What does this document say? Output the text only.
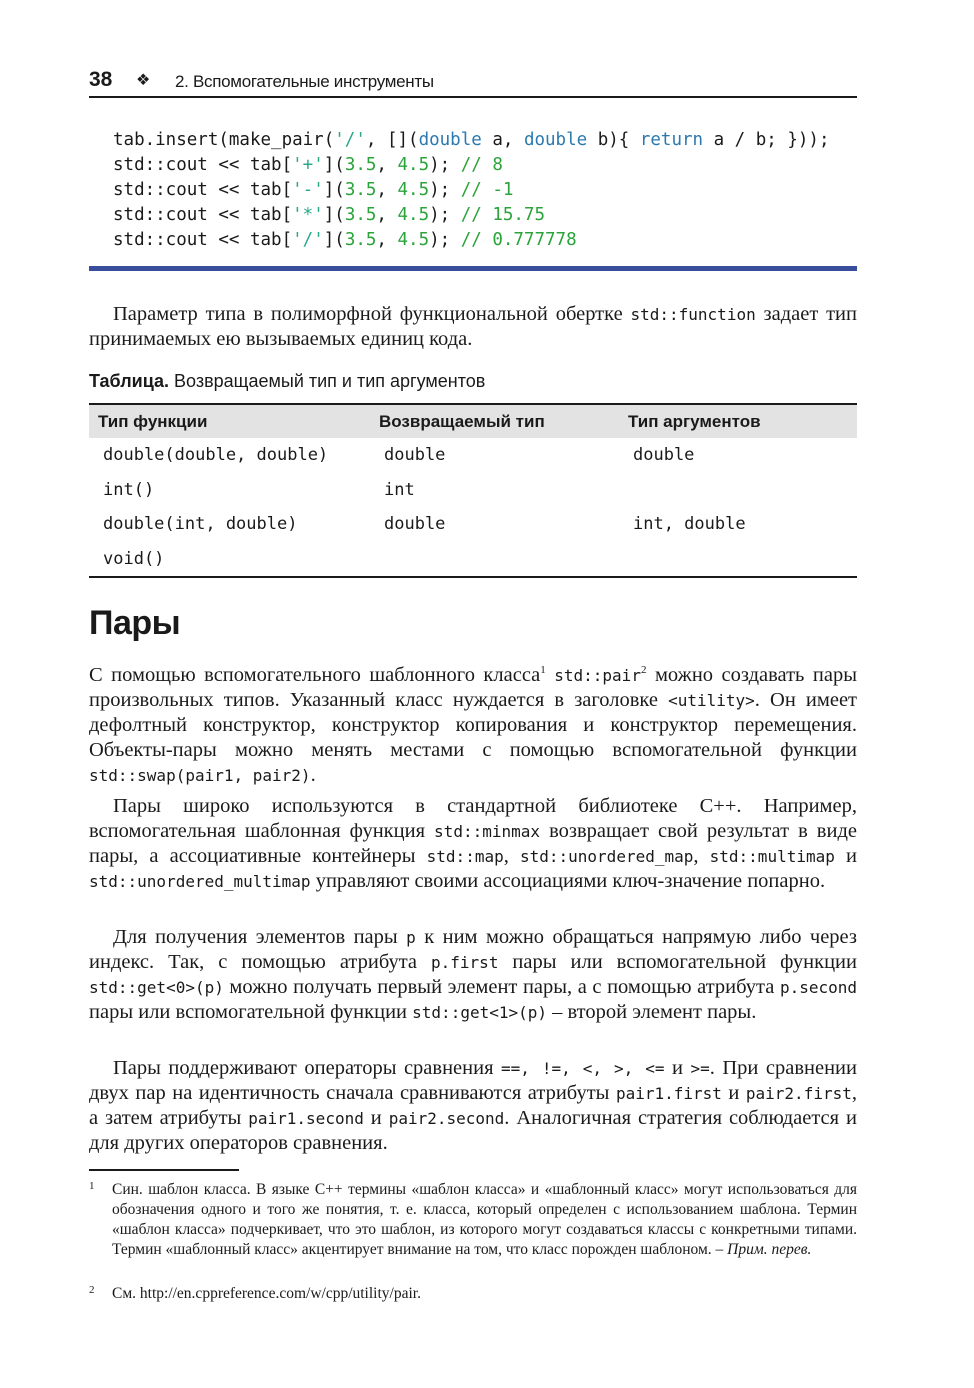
38 ❖ 2. Вспомогательные инструменты
tab.insert(make_pair('/', [](double a, double b){ return a / b; }));
std::cout << tab['+'](3.5, 4.5); // 8
std::cout << tab['-'](3.5, 4.5); // -1
std::cout << tab['*'](3.5, 4.5); // 15.75
std::cout << tab['/'](3.5, 4.5); // 0.777778

Параметр типа в полиморфной функциональной обертке std::function задает тип принимаемых ею вызываемых единиц кода.

Таблица. Возвращаемый тип и тип аргументов
Тип функции	Возвращаемый тип	Тип аргументов
double(double, double)	double	double
int()	int	
double(int, double)	double	int, double
void()		
Пары

С помощью вспомогательного шаблонного класса$^1$ std::pair$^2$ можно создавать пары произвольных типов. Указанный класс нуждается в заголовке <utility>. Он имеет дефолтный конструктор, конструктор копирования и конструктор перемещения. Объекты-пары можно менять местами с помощью вспомогательной функции std::swap(pair1, pair2).

Пары широко используются в стандартной библиотеке C++. Например, вспомогательная шаблонная функция std::minmax возвращает свой результат в виде пары, а ассоциативные контейнеры std::map, std::unordered_map, std::multimap и std::unordered_multimap управляют своими ассоциациями ключ-значение попарно.

Для получения элементов пары p к ним можно обращаться напрямую либо через индекс. Так, с помощью атрибута p.first пары или вспомогательной функции std::get<0>(p) можно получать первый элемент пары, а с помощью атрибута p.second пары или вспомогательной функции std::get<1>(p) – второй элемент пары.

Пары поддерживают операторы сравнения ==, !=, <, >, <= и >=. При сравнении двух пар на идентичность сначала сравниваются атрибуты pair1.first и pair2.first, а затем атрибуты pair1.second и pair2.second. Аналогичная стратегия соблюдается и для других операторов сравнения.

1 Син. шаблон класса. В языке C++ термины «шаблон класса» и «шаблонный класс» могут использоваться для обозначения одного и того же понятия, т. е. класса, который определен с использованием шаблона. Термин «шаблон класса» подчеркивает, что это шаблон, из которого могут создаваться классы с конкретными типами. Термин «шаблонный класс» акцентирует внимание на том, что класс порожден шаблоном. – Прим. перев.
2 См. http://en.cppreference.com/w/cpp/utility/pair.
